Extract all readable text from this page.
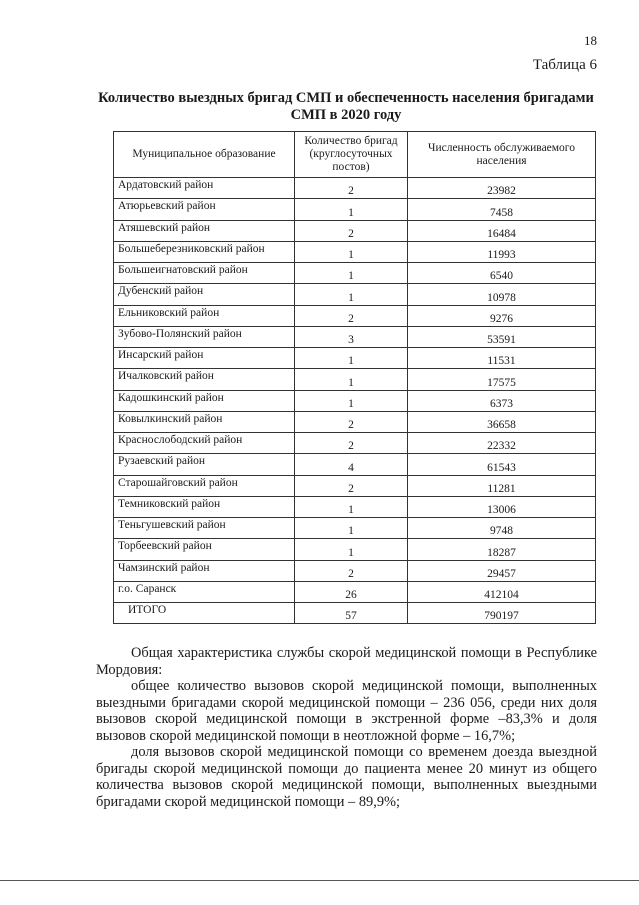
18
Таблица 6
Количество выездных бригад СМП и обеспеченность населения бригадами СМП в 2020 году
Муниципальное образование	Количество бригад (круглосуточных постов)	Численность обслуживаемого населения
Ардатовский район	2	23982
Атюрьевский район	1	7458
Атяшевский район	2	16484
Большеберезниковский район	1	11993
Большеигнатовский район	1	6540
Дубенский район	1	10978
Ельниковский район	2	9276
Зубово-Полянский район	3	53591
Инсарский район	1	11531
Ичалковский район	1	17575
Кадошкинский район	1	6373
Ковылкинский район	2	36658
Краснослободский район	2	22332
Рузаевский район	4	61543
Старошайговский район	2	11281
Темниковский район	1	13006
Теньгушевский район	1	9748
Торбеевский район	1	18287
Чамзинский район	2	29457
г.о. Саранск	26	412104
ИТОГО	57	790197

Общая характеристика службы скорой медицинской помощи в Республике Мордовия:

общее количество вызовов скорой медицинской помощи, выполненных выездными бригадами скорой медицинской помощи – 236 056, среди них доля вызовов скорой медицинской помощи в экстренной форме –83,3% и доля вызовов скорой медицинской помощи в неотложной форме – 16,7%;

доля вызовов скорой медицинской помощи со временем доезда выездной бригады скорой медицинской помощи до пациента менее 20 минут из общего количества вызовов скорой медицинской помощи, выполненных выездными бригадами скорой медицинской помощи – 89,9%;
